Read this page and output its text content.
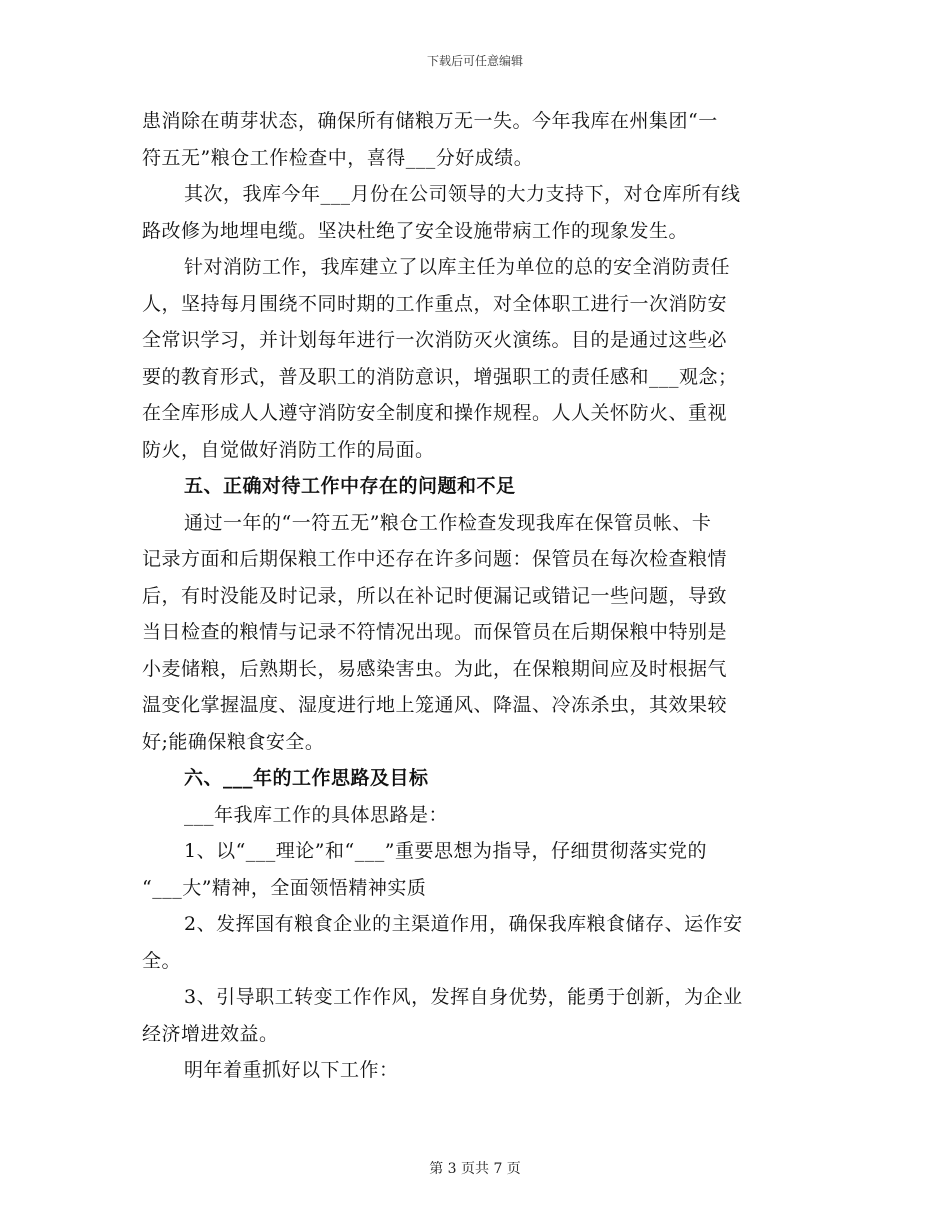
下载后可任意编辑
患消除在萌芽状态，确保所有储粮万无一失。今年我库在州集团“一
符五无”粮仓工作检查中，喜得___分好成绩。
其次，我库今年___月份在公司领导的大力支持下，对仓库所有线
路改修为地埋电缆。坚决杜绝了安全设施带病工作的现象发生。
针对消防工作，我库建立了以库主任为单位的总的安全消防责任
人，坚持每月围绕不同时期的工作重点，对全体职工进行一次消防安
全常识学习，并计划每年进行一次消防灭火演练。目的是通过这些必
要的教育形式，普及职工的消防意识，增强职工的责任感和___观念；
在全库形成人人遵守消防安全制度和操作规程。人人关怀防火、重视
防火，自觉做好消防工作的局面。
五、正确对待工作中存在的问题和不足
通过一年的“一符五无”粮仓工作检查发现我库在保管员帐、卡
记录方面和后期保粮工作中还存在许多问题：保管员在每次检查粮情
后，有时没能及时记录，所以在补记时便漏记或错记一些问题，导致
当日检查的粮情与记录不符情况出现。而保管员在后期保粮中特别是
小麦储粮，后熟期长，易感染害虫。为此，在保粮期间应及时根据气
温变化掌握温度、湿度进行地上笼通风、降温、冷冻杀虫，其效果较
好;能确保粮食安全。
六、___年的工作思路及目标
___年我库工作的具体思路是：
1、以“___理论”和“___”重要思想为指导，仔细贯彻落实党的
“___大”精神，全面领悟精神实质
2、发挥国有粮食企业的主渠道作用，确保我库粮食储存、运作安
全。
3、引导职工转变工作作风，发挥自身优势，能勇于创新，为企业
经济增进效益。
明年着重抓好以下工作：
第 3 页共 7 页
